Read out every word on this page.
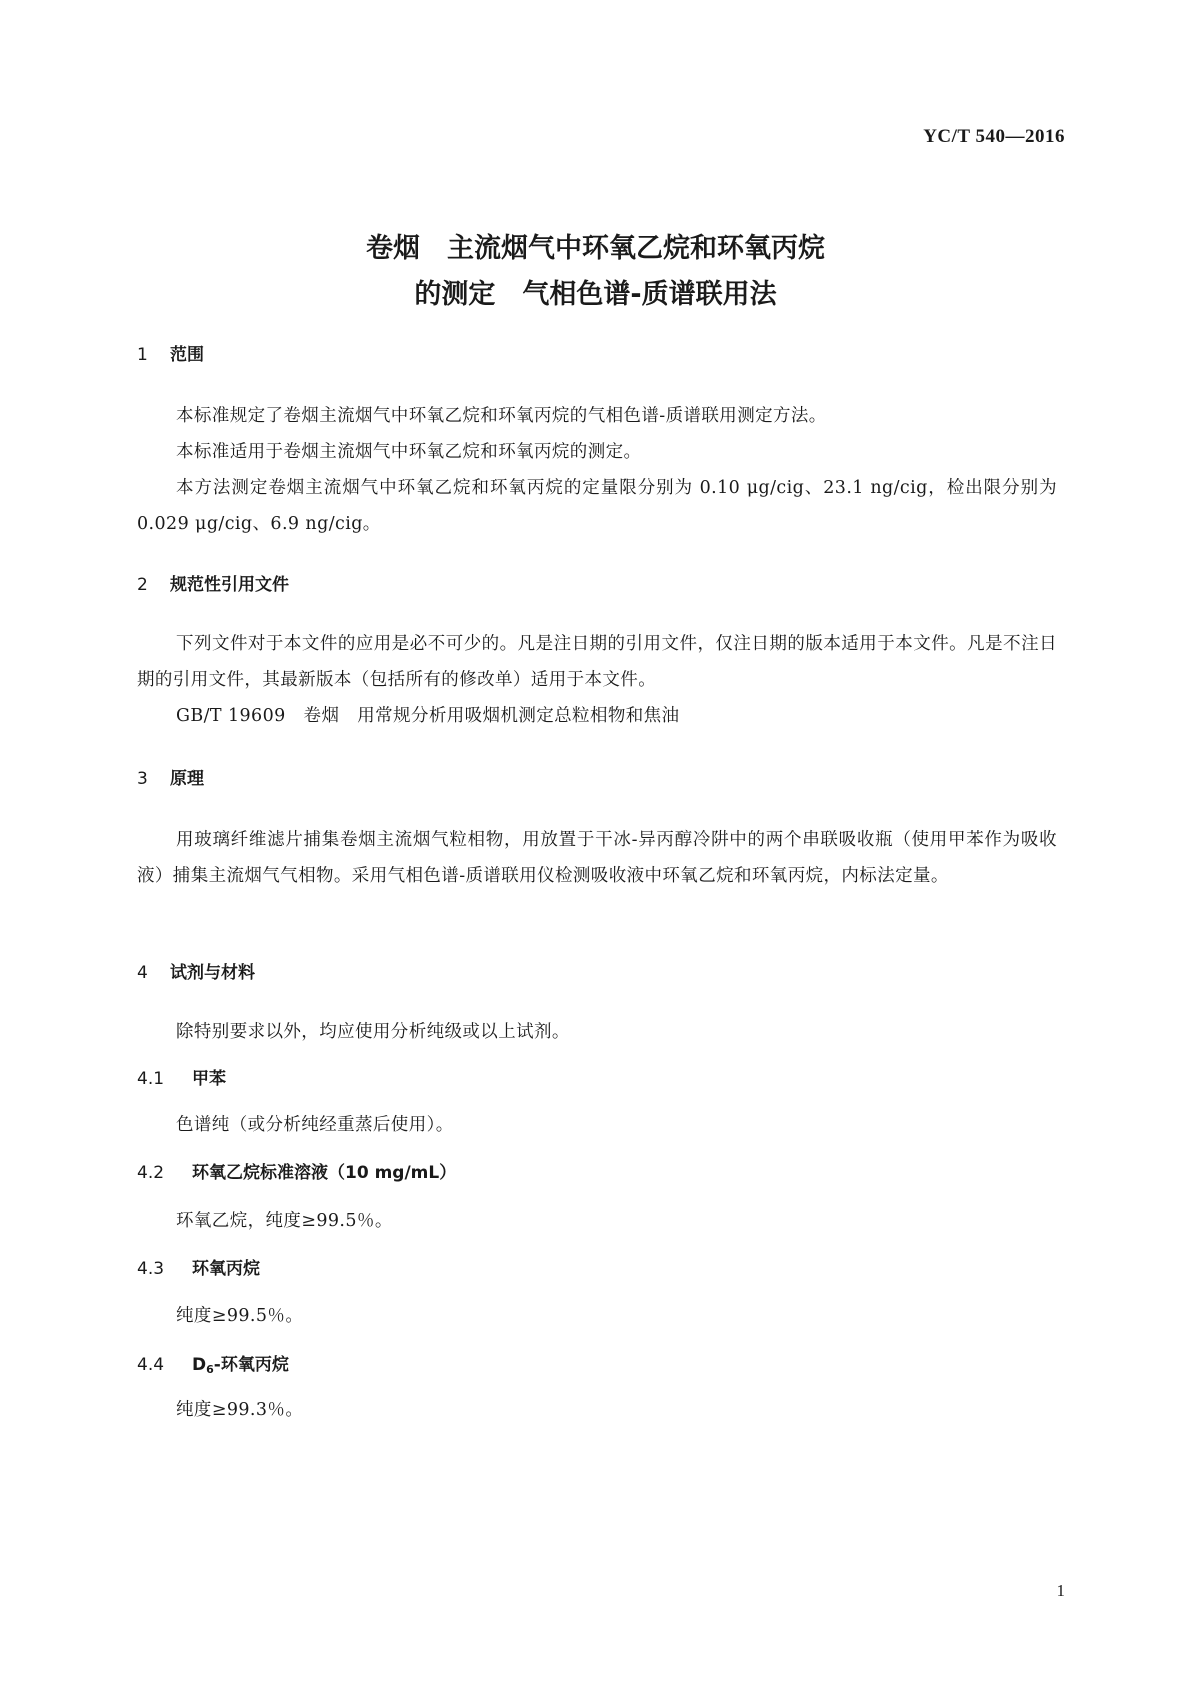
YC/T 540—2016
卷烟　主流烟气中环氧乙烷和环氧丙烷
的测定　气相色谱-质谱联用法
1 范围
本标准规定了卷烟主流烟气中环氧乙烷和环氧丙烷的气相色谱-质谱联用测定方法。
本标准适用于卷烟主流烟气中环氧乙烷和环氧丙烷的测定。
本方法测定卷烟主流烟气中环氧乙烷和环氧丙烷的定量限分别为 0.10 μg/cig、23.1 ng/cig，检出限分别为 0.029 μg/cig、6.9 ng/cig。
2 规范性引用文件
下列文件对于本文件的应用是必不可少的。凡是注日期的引用文件，仅注日期的版本适用于本文件。凡是不注日期的引用文件，其最新版本（包括所有的修改单）适用于本文件。
GB/T 19609　卷烟　用常规分析用吸烟机测定总粒相物和焦油
3 原理
用玻璃纤维滤片捕集卷烟主流烟气粒相物，用放置于干冰-异丙醇冷阱中的两个串联吸收瓶（使用甲苯作为吸收液）捕集主流烟气气相物。采用气相色谱-质谱联用仪检测吸收液中环氧乙烷和环氧丙烷，内标法定量。
4 试剂与材料
除特别要求以外，均应使用分析纯级或以上试剂。
4.1 甲苯
色谱纯（或分析纯经重蒸后使用）。
4.2 环氧乙烷标准溶液（10 mg/mL）
环氧乙烷，纯度≥99.5％。
4.3 环氧丙烷
纯度≥99.5％。
4.4 $D_6-$环氧丙烷
纯度≥99.3％。
1
